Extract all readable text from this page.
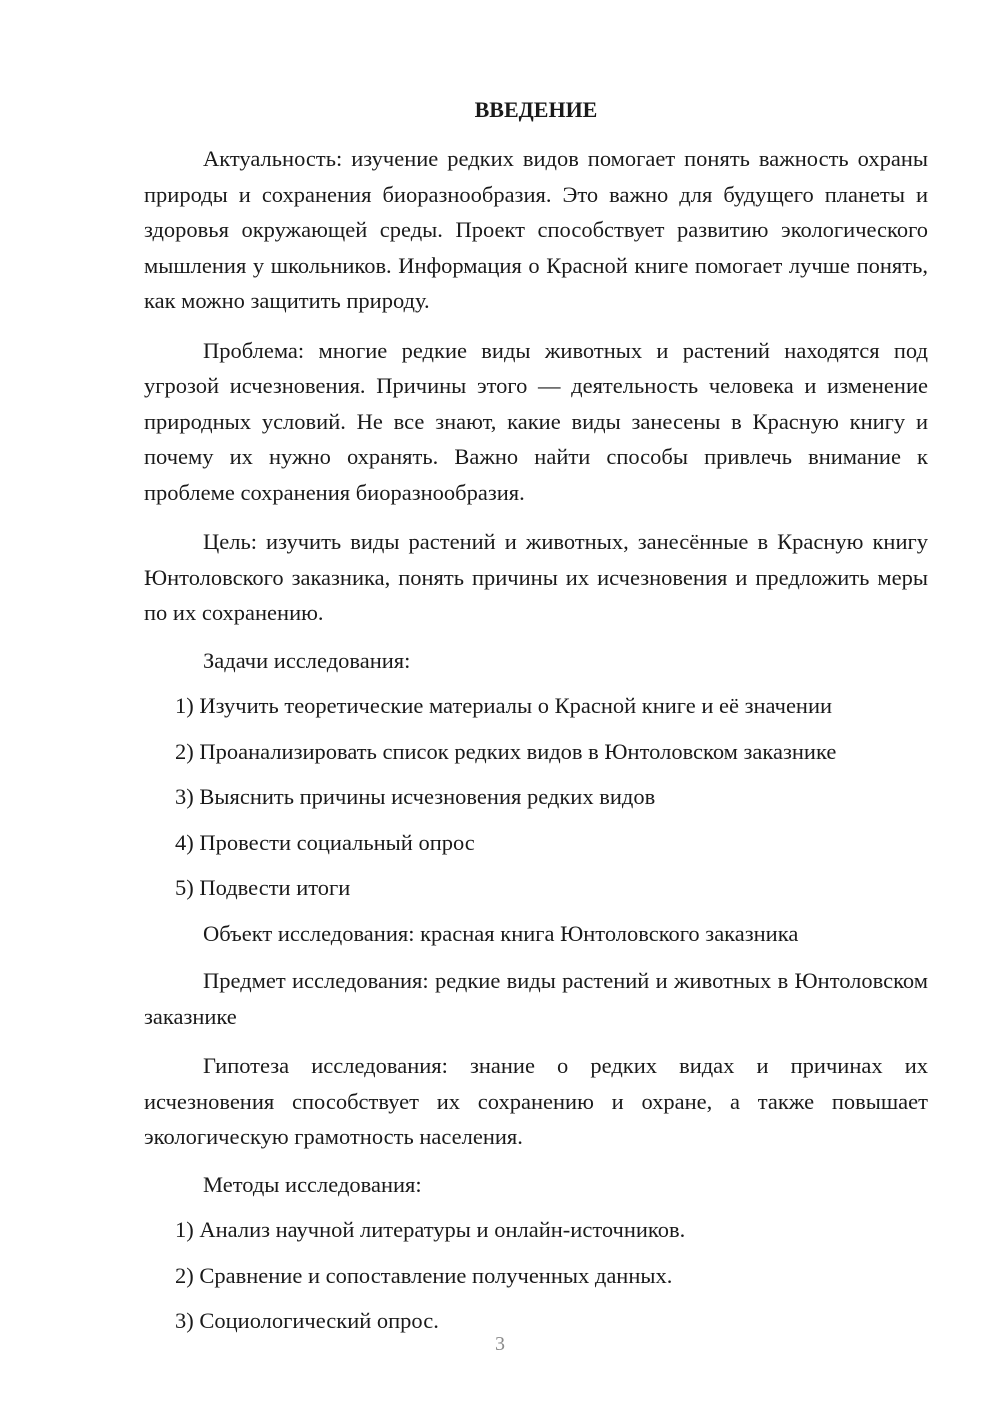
ВВЕДЕНИЕ

Актуальность: изучение редких видов помогает понять важность охраны природы и сохранения биоразнообразия. Это важно для будущего планеты и здоровья окружающей среды. Проект способствует развитию экологического мышления у школьников. Информация о Красной книге помогает лучше понять, как можно защитить природу.

Проблема: многие редкие виды животных и растений находятся под угрозой исчезновения. Причины этого — деятельность человека и изменение природных условий. Не все знают, какие виды занесены в Красную книгу и почему их нужно охранять. Важно найти способы привлечь внимание к проблеме сохранения биоразнообразия.

Цель: изучить виды растений и животных, занесённые в Красную книгу Юнтоловского заказника, понять причины их исчезновения и предложить меры по их сохранению.

Задачи исследования:
1) Изучить теоретические материалы о Красной книге и её значении
2) Проанализировать список редких видов в Юнтоловском заказнике
3) Выяснить причины исчезновения редких видов
4) Провести социальный опрос
5) Подвести итоги
Объект исследования: красная книга Юнтоловского заказника

Предмет исследования: редкие виды растений и животных в Юнтоловском заказнике

Гипотеза исследования: знание о редких видах и причинах их исчезновения способствует их сохранению и охране, а также повышает экологическую грамотность населения.

Методы исследования:
1) Анализ научной литературы и онлайн-источников.
2) Сравнение и сопоставление полученных данных.
3) Социологический опрос.
3
